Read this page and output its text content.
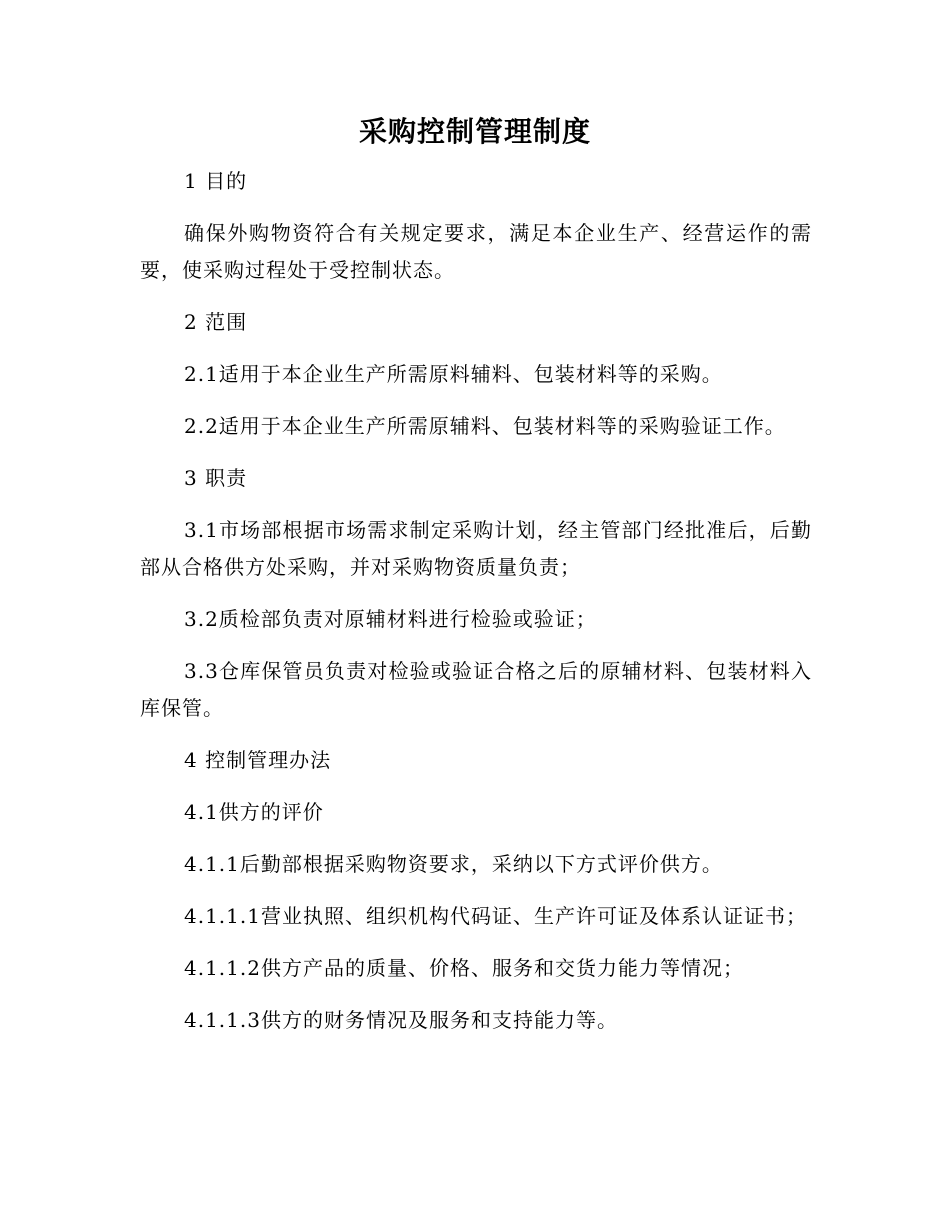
采购控制管理制度

1 目的

确保外购物资符合有关规定要求，满足本企业生产、经营运作的需要，使采购过程处于受控制状态。

2 范围

2.1适用于本企业生产所需原料辅料、包装材料等的采购。

2.2适用于本企业生产所需原辅料、包装材料等的采购验证工作。

3 职责

3.1市场部根据市场需求制定采购计划，经主管部门经批准后，后勤部从合格供方处采购，并对采购物资质量负责；

3.2质检部负责对原辅材料进行检验或验证；

3.3仓库保管员负责对检验或验证合格之后的原辅材料、包装材料入库保管。

4 控制管理办法

4.1供方的评价

4.1.1后勤部根据采购物资要求，采纳以下方式评价供方。

4.1.1.1营业执照、组织机构代码证、生产许可证及体系认证证书；

4.1.1.2供方产品的质量、价格、服务和交货力能力等情况；

4.1.1.3供方的财务情况及服务和支持能力等。
